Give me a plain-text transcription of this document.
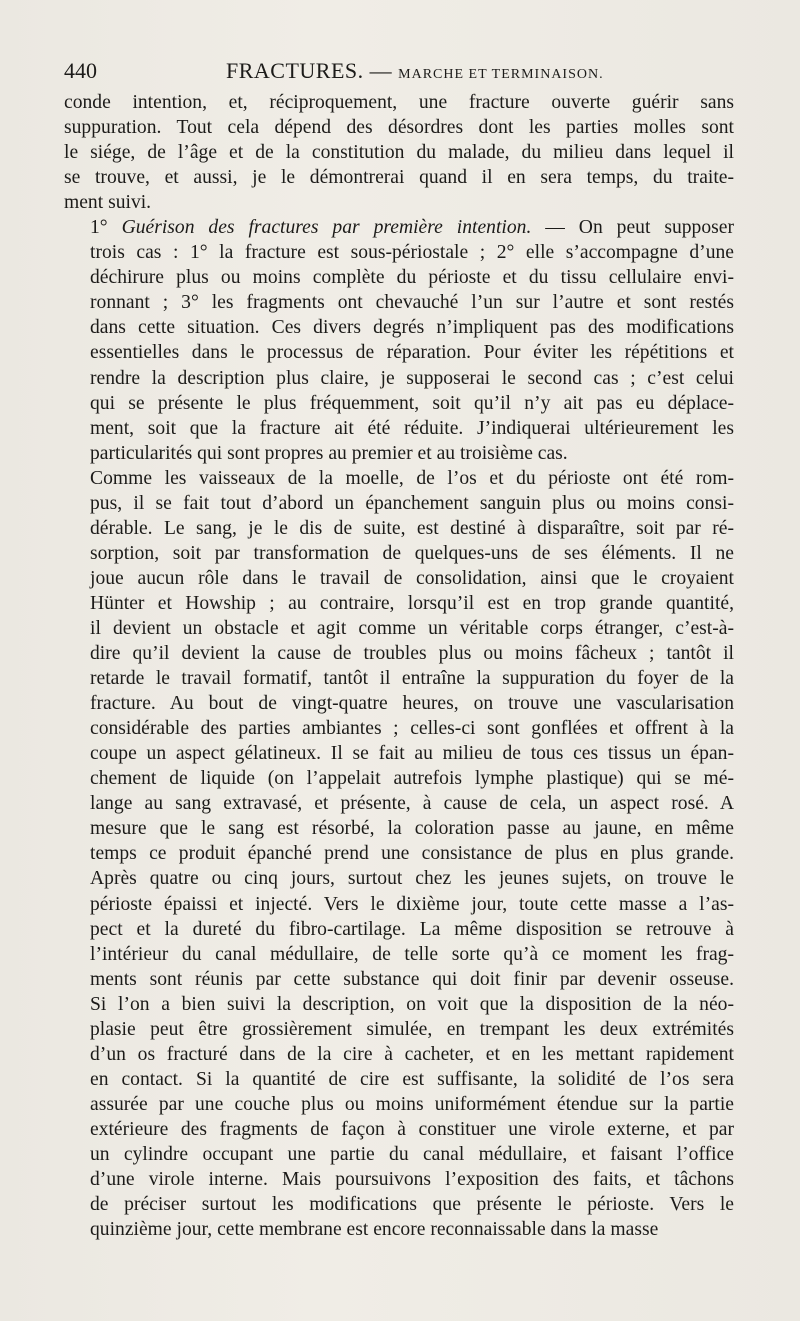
440	FRACTURES. — MARCHE ET TERMINAISON.

conde intention, et, réciproquement, une fracture ouverte guérir sans
suppuration. Tout cela dépend des désordres dont les parties molles sont
le siége, de l’âge et de la constitution du malade, du milieu dans lequel il
se trouve, et aussi, je le démontrerai quand il en sera temps, du traite-
ment suivi.

1° Guérison des fractures par première intention. — On peut supposer
trois cas : 1° la fracture est sous-périostale ; 2° elle s’accompagne d’une
déchirure plus ou moins complète du périoste et du tissu cellulaire envi-
ronnant ; 3° les fragments ont chevauché l’un sur l’autre et sont restés
dans cette situation. Ces divers degrés n’impliquent pas des modifications
essentielles dans le processus de réparation. Pour éviter les répétitions et
rendre la description plus claire, je supposerai le second cas ; c’est celui
qui se présente le plus fréquemment, soit qu’il n’y ait pas eu déplace-
ment, soit que la fracture ait été réduite. J’indiquerai ultérieurement les
particularités qui sont propres au premier et au troisième cas.

Comme les vaisseaux de la moelle, de l’os et du périoste ont été rom-
pus, il se fait tout d’abord un épanchement sanguin plus ou moins consi-
dérable. Le sang, je le dis de suite, est destiné à disparaître, soit par ré-
sorption, soit par transformation de quelques-uns de ses éléments. Il ne
joue aucun rôle dans le travail de consolidation, ainsi que le croyaient
Hünter et Howship ; au contraire, lorsqu’il est en trop grande quantité,
il devient un obstacle et agit comme un véritable corps étranger, c’est-à-
dire qu’il devient la cause de troubles plus ou moins fâcheux ; tantôt il
retarde le travail formatif, tantôt il entraîne la suppuration du foyer de la
fracture. Au bout de vingt-quatre heures, on trouve une vascularisation
considérable des parties ambiantes ; celles-ci sont gonflées et offrent à la
coupe un aspect gélatineux. Il se fait au milieu de tous ces tissus un épan-
chement de liquide (on l’appelait autrefois lymphe plastique) qui se mé-
lange au sang extravasé, et présente, à cause de cela, un aspect rosé. A
mesure que le sang est résorbé, la coloration passe au jaune, en même
temps ce produit épanché prend une consistance de plus en plus grande.
Après quatre ou cinq jours, surtout chez les jeunes sujets, on trouve le
périoste épaissi et injecté. Vers le dixième jour, toute cette masse a l’as-
pect et la dureté du fibro-cartilage. La même disposition se retrouve à
l’intérieur du canal médullaire, de telle sorte qu’à ce moment les frag-
ments sont réunis par cette substance qui doit finir par devenir osseuse.
Si l’on a bien suivi la description, on voit que la disposition de la néo-
plasie peut être grossièrement simulée, en trempant les deux extrémités
d’un os fracturé dans de la cire à cacheter, et en les mettant rapidement
en contact. Si la quantité de cire est suffisante, la solidité de l’os sera
assurée par une couche plus ou moins uniformément étendue sur la partie
extérieure des fragments de façon à constituer une virole externe, et par
un cylindre occupant une partie du canal médullaire, et faisant l’office
d’une virole interne. Mais poursuivons l’exposition des faits, et tâchons
de préciser surtout les modifications que présente le périoste. Vers le
quinzième jour, cette membrane est encore reconnaissable dans la masse
